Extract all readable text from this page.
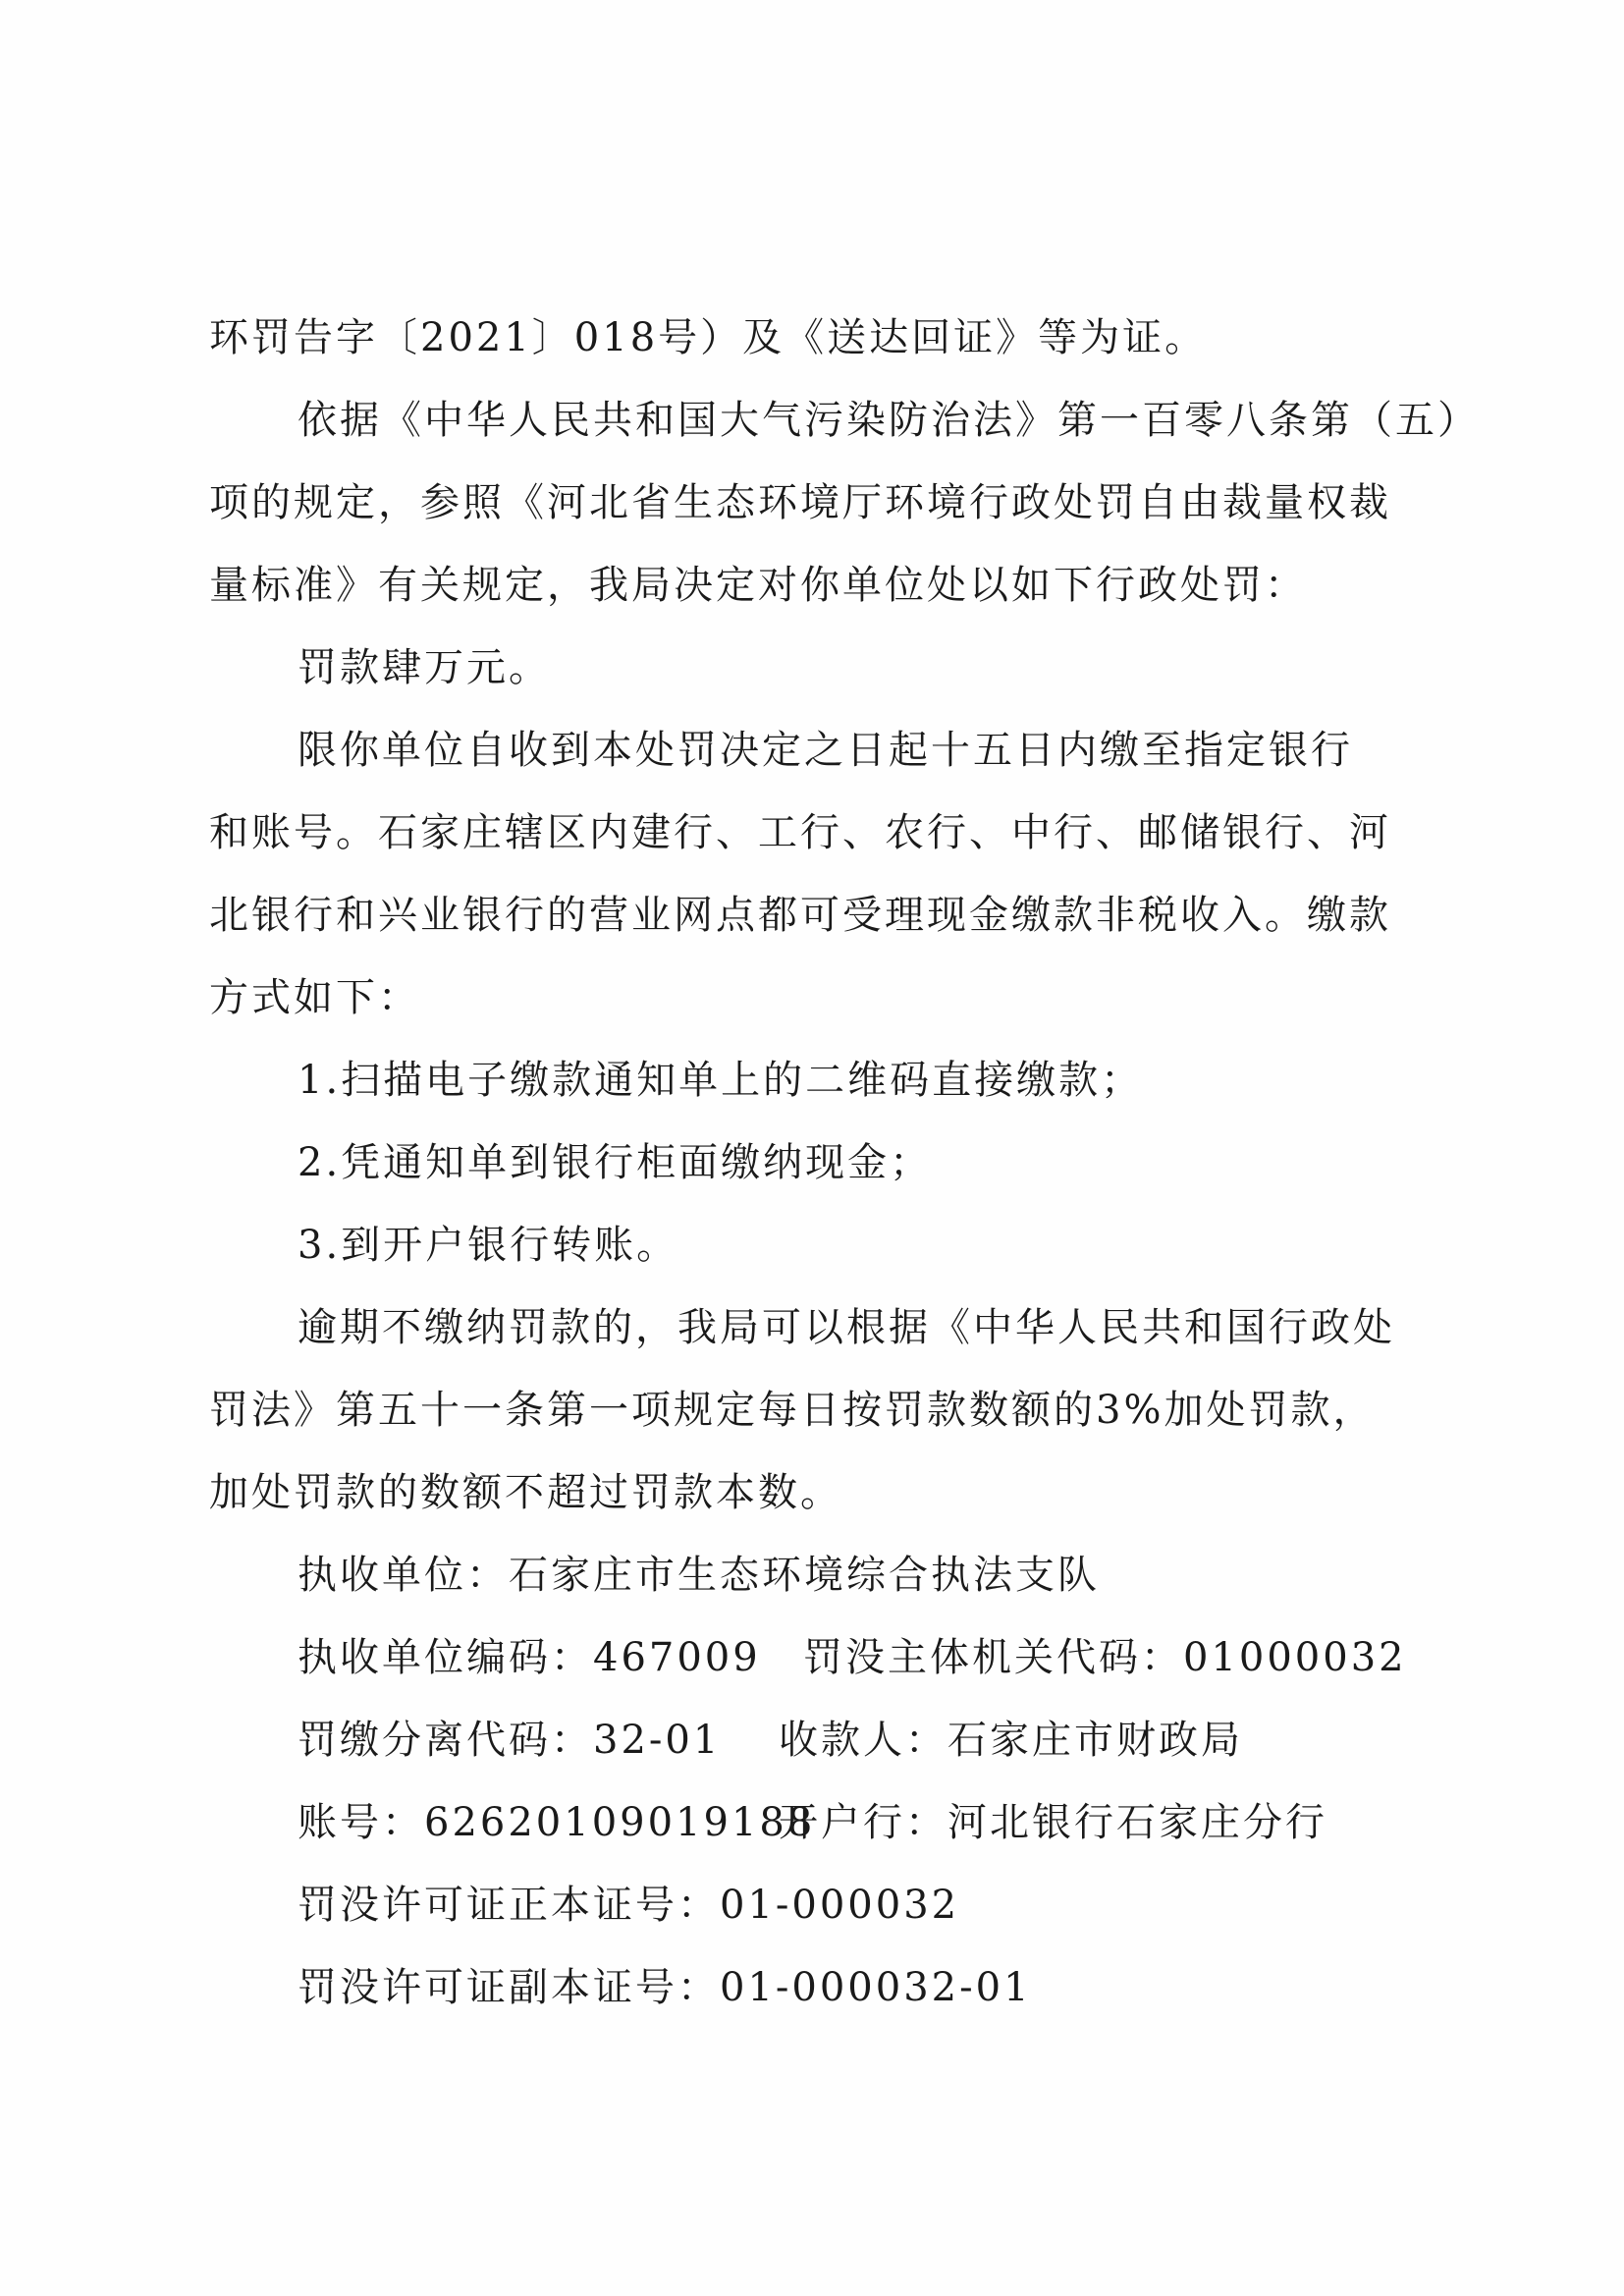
环罚告字〔2021〕018号）及《送达回证》等为证。
依据《中华人民共和国大气污染防治法》第一百零八条第（五）
项的规定，参照《河北省生态环境厅环境行政处罚自由裁量权裁
量标准》有关规定，我局决定对你单位处以如下行政处罚：
罚款肆万元。
限你单位自收到本处罚决定之日起十五日内缴至指定银行
和账号。石家庄辖区内建行、工行、农行、中行、邮储银行、河
北银行和兴业银行的营业网点都可受理现金缴款非税收入。缴款
方式如下：
1.扫描电子缴款通知单上的二维码直接缴款；
2.凭通知单到银行柜面缴纳现金；
3.到开户银行转账。
逾期不缴纳罚款的，我局可以根据《中华人民共和国行政处
罚法》第五十一条第一项规定每日按罚款数额的3%加处罚款，
加处罚款的数额不超过罚款本数。
执收单位：石家庄市生态环境综合执法支队
执收单位编码：467009 罚没主体机关代码：01000032
罚缴分离代码：32-01 收款人：石家庄市财政局
账号：62620109019188
开户行：河北银行石家庄分行
罚没许可证正本证号：01-000032
罚没许可证副本证号：01-000032-01
